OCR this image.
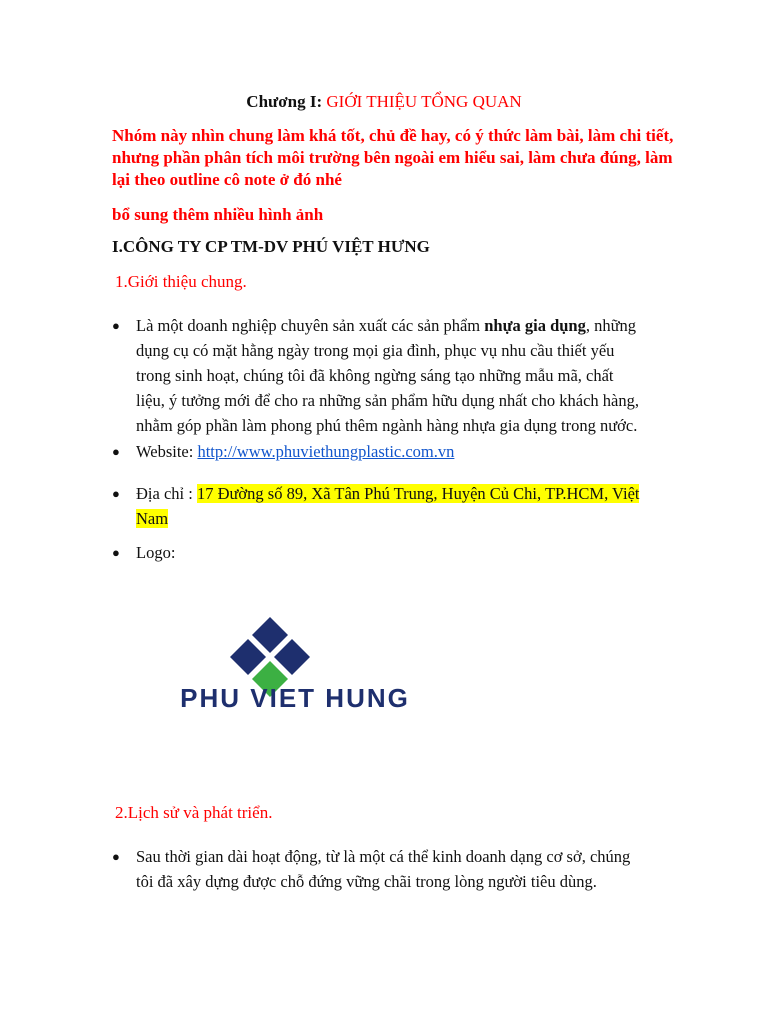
Chương I: GIỚI THIỆU TỔNG QUAN
Nhóm này nhìn chung làm khá tốt, chủ đề hay, có ý thức làm bài, làm chi tiết,
nhưng phần phân tích môi trường bên ngoài em hiểu sai, làm chưa đúng, làm
lại theo outline cô note ở đó nhé
bổ sung thêm nhiều hình ảnh
I.CÔNG TY CP TM-DV PHÚ VIỆT HƯNG
1.Giới thiệu chung.
● Là một doanh nghiệp chuyên sản xuất các sản phẩm nhựa gia dụng, những
dụng cụ có mặt hằng ngày trong mọi gia đình, phục vụ nhu cầu thiết yếu
trong sinh hoạt, chúng tôi đã không ngừng sáng tạo những mẫu mã, chất
liệu, ý tưởng mới để cho ra những sản phẩm hữu dụng nhất cho khách hàng,
nhằm góp phần làm phong phú thêm ngành hàng nhựa gia dụng trong nước.
● Website: http://www.phuviethungplastic.com.vn
● Địa chỉ : 17 Đường số 89, Xã Tân Phú Trung, Huyện Củ Chi, TP.HCM, Việt
Nam
● Logo:
PHU VIET HUNG
2.Lịch sử và phát triển.
● Sau thời gian dài hoạt động, từ là một cá thể kinh doanh dạng cơ sở, chúng
tôi đã xây dựng được chỗ đứng vững chãi trong lòng người tiêu dùng.
